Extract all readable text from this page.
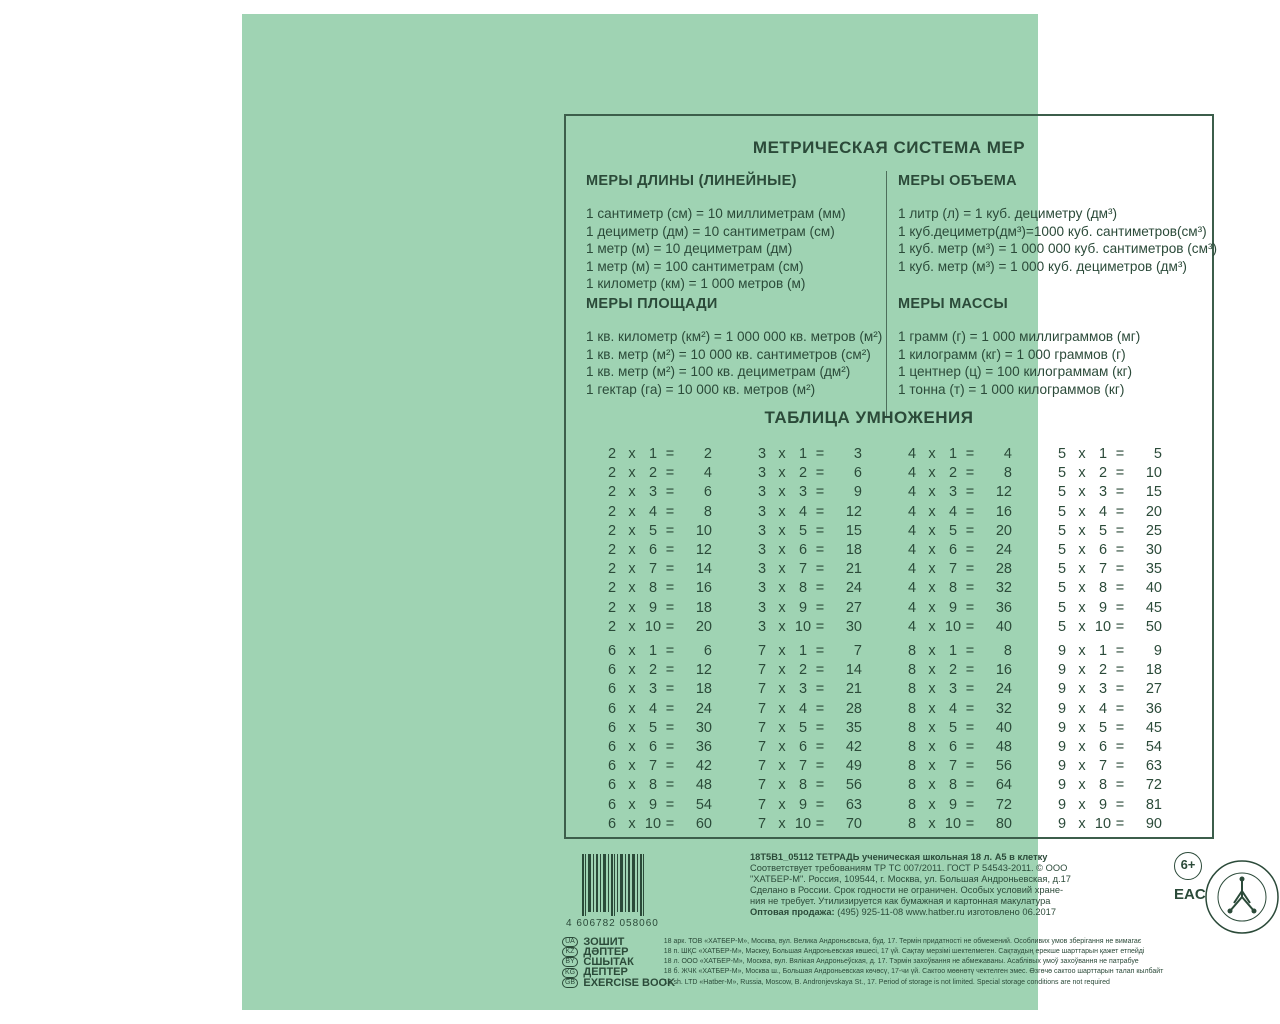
МЕТРИЧЕСКАЯ СИСТЕМА МЕР
МЕРЫ ДЛИНЫ (ЛИНЕЙНЫЕ)
1 сантиметр (см) = 10 миллиметрам (мм)
1 дециметр (дм) = 10 сантиметрам (см)
1 метр (м) = 10 дециметрам (дм)
1 метр (м) = 100 сантиметрам (см)
1 километр (км) = 1 000 метров (м)
МЕРЫ ОБЪЕМА
1 литр (л) = 1 куб. дециметру (дм³)
1 куб.дециметр(дм³)=1000 куб. сантиметров(см³)
1 куб. метр (м³) = 1 000 000 куб. сантиметров (см³)
1 куб. метр (м³) = 1 000 куб. дециметров (дм³)
МЕРЫ ПЛОЩАДИ
1 кв. километр (км²) = 1 000 000 кв. метров (м²)
1 кв. метр (м²) = 10 000 кв. сантиметров (см²)
1 кв. метр (м²) = 100 кв. дециметрам (дм²)
1 гектар (га) = 10 000 кв. метров (м²)
МЕРЫ МАССЫ
1 грамм (г) = 1 000 миллиграммов (мг)
1 килограмм (кг) = 1 000 граммов (г)
1 центнер (ц) = 100 килограммам (кг)
1 тонна (т) = 1 000 килограммов (кг)
ТАБЛИЦА УМНОЖЕНИЯ
2 x 1 =	2
2 x 2 =	4
2 x 3 =	6
2 x 4 =	8
2 x 5 =	10
2 x 6 =	12
2 x 7 =	14
2 x 8 =	16
2 x 9 =	18
2 x 10 =	20
3 x 1 =	3
3 x 2 =	6
3 x 3 =	9
3 x 4 =	12
3 x 5 =	15
3 x 6 =	18
3 x 7 =	21
3 x 8 =	24
3 x 9 =	27
3 x 10 =	30
4 x 1 =	4
4 x 2 =	8
4 x 3 =	12
4 x 4 =	16
4 x 5 =	20
4 x 6 =	24
4 x 7 =	28
4 x 8 =	32
4 x 9 =	36
4 x 10 =	40
5 x 1 =	5
5 x 2 =	10
5 x 3 =	15
5 x 4 =	20
5 x 5 =	25
5 x 6 =	30
5 x 7 =	35
5 x 8 =	40
5 x 9 =	45
5 x 10 =	50
6 x 1 =	6
6 x 2 =	12
6 x 3 =	18
6 x 4 =	24
6 x 5 =	30
6 x 6 =	36
6 x 7 =	42
6 x 8 =	48
6 x 9 =	54
6 x 10 =	60
7 x 1 =	7
7 x 2 =	14
7 x 3 =	21
7 x 4 =	28
7 x 5 =	35
7 x 6 =	42
7 x 7 =	49
7 x 8 =	56
7 x 9 =	63
7 x 10 =	70
8 x 1 =	8
8 x 2 =	16
8 x 3 =	24
8 x 4 =	32
8 x 5 =	40
8 x 6 =	48
8 x 7 =	56
8 x 8 =	64
8 x 9 =	72
8 x 10 =	80
9 x 1 =	9
9 x 2 =	18
9 x 3 =	27
9 x 4 =	36
9 x 5 =	45
9 x 6 =	54
9 x 7 =	63
9 x 8 =	72
9 x 9 =	81
9 x 10 =	90
4 606782 058060
18Т5В1_05112 ТЕТРАДЬ ученическая школьная 18 л. А5 в клетку
Соответствует требованиям ТР ТС 007/2011. ГОСТ Р 54543-2011. © ООО
"ХАТБЕР-М". Россия, 109544, г. Москва, ул. Большая Андроньевская, д.17
Сделано в России. Срок годности не ограничен. Особых условий хране-
ния не требует. Утилизируется как бумажная и картонная макулатура
Оптовая продажа: (495) 925-11-08 www.hatber.ru изготовлено 06.2017
6+
EAC
UA ЗОШИТ	18 арк. ТОВ «ХАТБЕР-М», Москва, вул. Велика Андроньєвська, буд. 17. Термін придатності не обмежений. Особливих умов зберігання не вимагає
KZ ДӘПТЕР	18 п. ШҚС «ХАТБЕР-М», Мәскеу, Большая Андроньевская көшесі, 17 үй. Сақтау мерзімі шектелмеген. Сақтаудың ерекше шарттарын қажет етпейді
BY СШЫТАК	18 л. ООО «ХАТБЕР-М», Москва, вул. Вялікая Андроньеўская, д. 17. Тэрмін захоўвання не абмежаваны. Асаблівых умоў захоўвання не патрабуе
KG ДЕПТЕР	18 б. ЖЧК «ХАТБЕР-М», Москва ш., Большая Андроньевская көчөсү, 17-чи үй. Сактоо мөөнөтү чектелген эмес. Өзгөчө сактоо шарттарын талап кылбайт
GB EXERCISE BOOK 18 sh. LTD «Hatber-M», Russia, Moscow, B. Andronjevskaya St., 17. Period of storage is not limited. Special storage conditions are not required
